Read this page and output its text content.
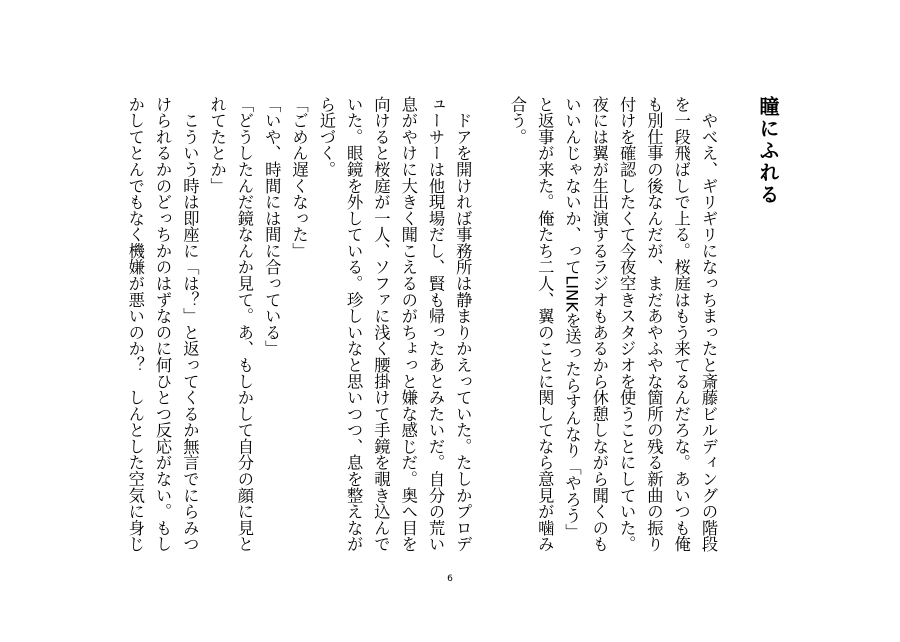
瞳にふれる
　やべえ、ギリギリになっちまったと斎藤ビルディングの階段
を一段飛ばしで上る。桜庭はもう来てるんだろな。あいつも俺
も別仕事の後なんだが、まだあやふやな箇所の残る新曲の振り
付けを確認したくて今夜空きスタジオを使うことにしていた。
夜には翼が生出演するラジオもあるから休憩しながら聞くのも
いいんじゃないか、ってLINKを送ったらすんなり「やろう」
と返事が来た。俺たち二人、翼のことに関してなら意見が噛み
合う。
　ドアを開ければ事務所は静まりかえっていた。たしかプロデ
ューサーは他現場だし、賢も帰ったあとみたいだ。自分の荒い
息がやけに大きく聞こえるのがちょっと嫌な感じだ。奥へ目を
向けると桜庭が一人、ソファに浅く腰掛けて手鏡を覗き込んで
いた。眼鏡を外している。珍しいなと思いつつ、息を整えなが
ら近づく。
「ごめん遅くなった」
「いや、時間には間に合っている」
「どうしたんだ鏡なんか見て。あ、もしかして自分の顔に見と
れてたとか」
　こういう時は即座に「は？」と返ってくるか無言でにらみつ
けられるかのどっちかのはずなのに何ひとつ反応がない。もし
かしてとんでもなく機嫌が悪いのか？　しんとした空気に身じ
6
